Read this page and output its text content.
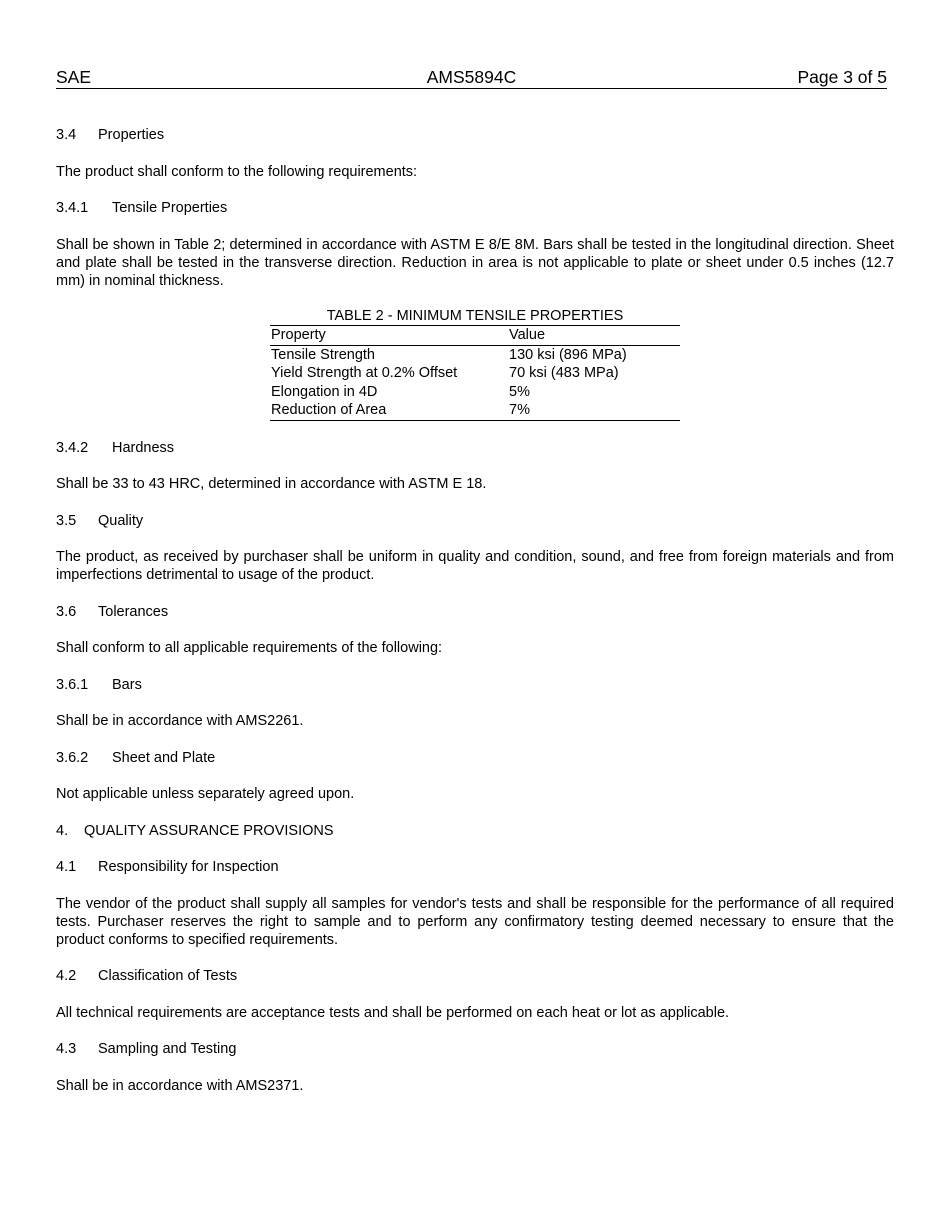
SAE	AMS5894C	Page 3 of 5
3.4 Properties
The product shall conform to the following requirements:
3.4.1 Tensile Properties
Shall be shown in Table 2; determined in accordance with ASTM E 8/E 8M. Bars shall be tested in the longitudinal direction. Sheet and plate shall be tested in the transverse direction. Reduction in area is not applicable to plate or sheet under 0.5 inches (12.7 mm) in nominal thickness.
TABLE 2 - MINIMUM TENSILE PROPERTIES
Property	Value
Tensile Strength	130 ksi (896 MPa)
Yield Strength at 0.2% Offset	70 ksi (483 MPa)
Elongation in 4D	5%
Reduction of Area	7%
3.4.2 Hardness
Shall be 33 to 43 HRC, determined in accordance with ASTM E 18.
3.5 Quality
The product, as received by purchaser shall be uniform in quality and condition, sound, and free from foreign materials and from imperfections detrimental to usage of the product.
3.6 Tolerances
Shall conform to all applicable requirements of the following:
3.6.1 Bars
Shall be in accordance with AMS2261.
3.6.2 Sheet and Plate
Not applicable unless separately agreed upon.
4. QUALITY ASSURANCE PROVISIONS
4.1 Responsibility for Inspection
The vendor of the product shall supply all samples for vendor's tests and shall be responsible for the performance of all required tests. Purchaser reserves the right to sample and to perform any confirmatory testing deemed necessary to ensure that the product conforms to specified requirements.
4.2 Classification of Tests
All technical requirements are acceptance tests and shall be performed on each heat or lot as applicable.
4.3 Sampling and Testing
Shall be in accordance with AMS2371.
